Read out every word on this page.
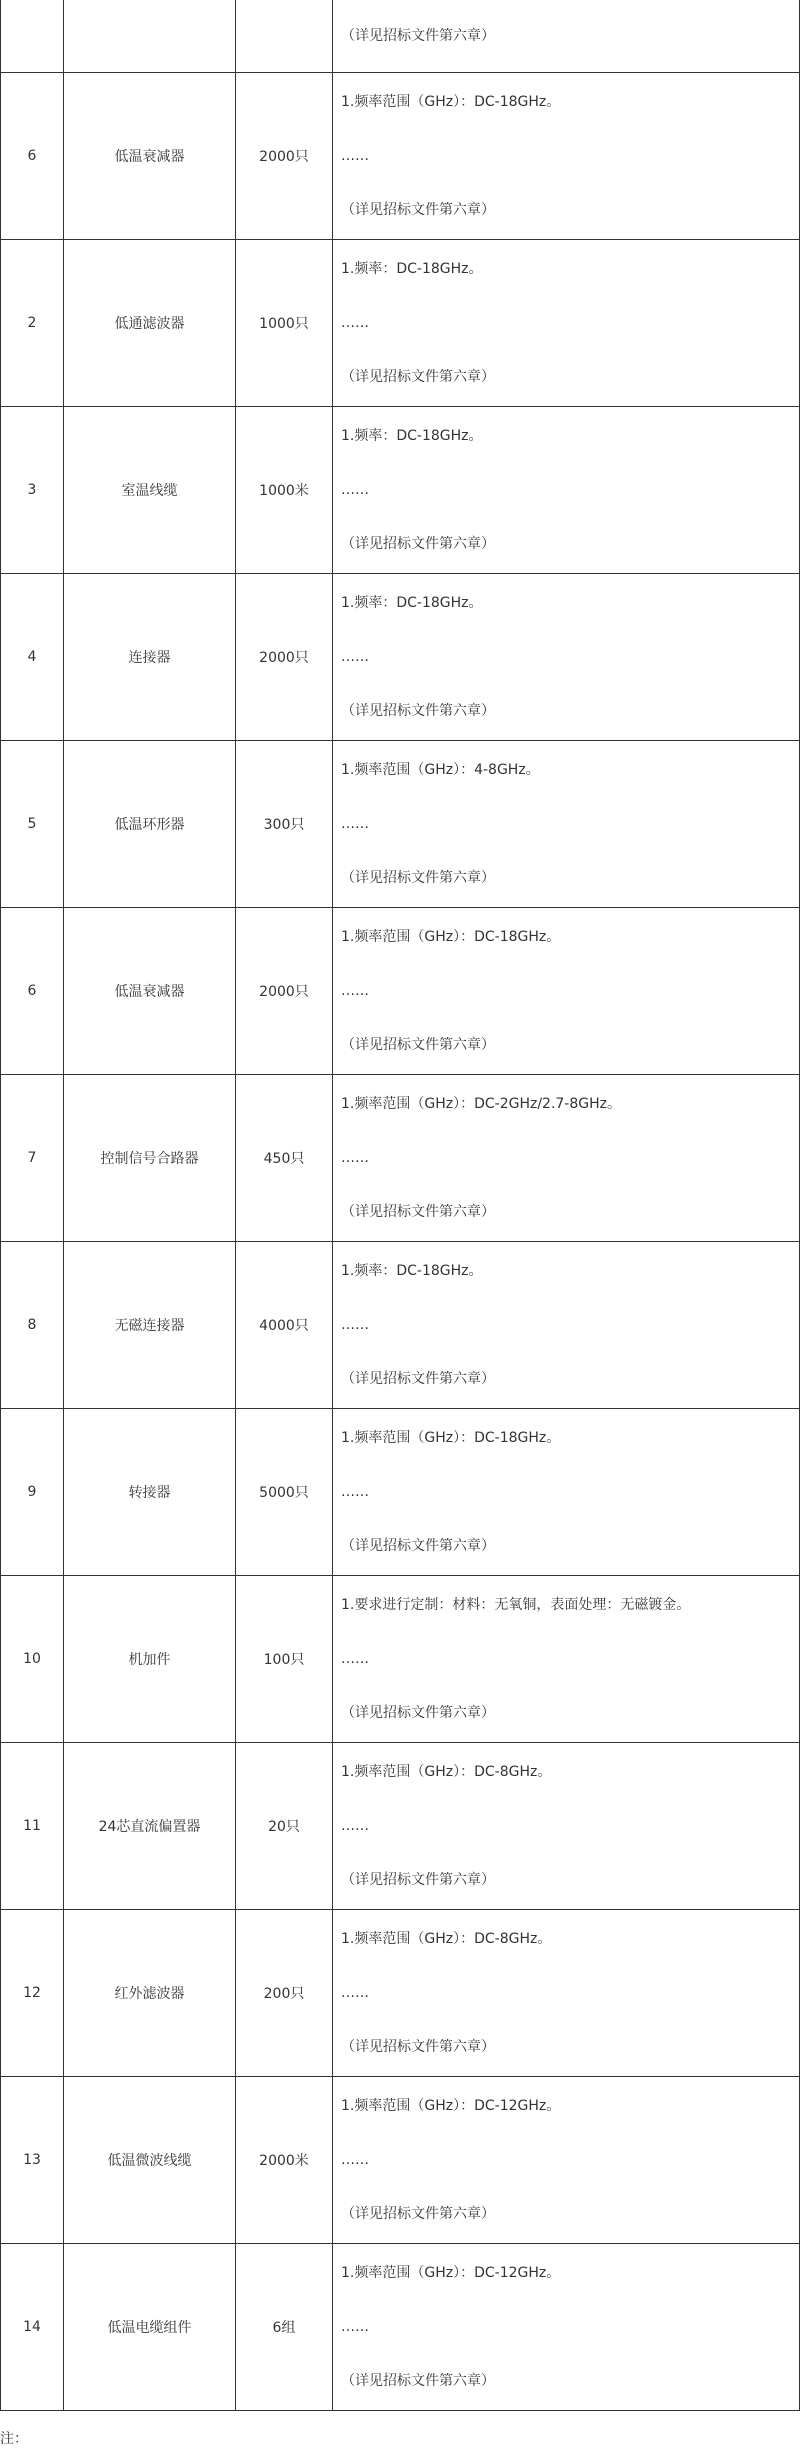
			（详见招标文件第六章）

6	低温衰减器	2000只	1.频率范围（GHz）：DC-18GHz。
……
（详见招标文件第六章）

2	低通滤波器	1000只	1.频率：DC-18GHz。
……
（详见招标文件第六章）

3	室温线缆	1000米	1.频率：DC-18GHz。
……
（详见招标文件第六章）

4	连接器	2000只	1.频率：DC-18GHz。
……
（详见招标文件第六章）

5	低温环形器	300只	1.频率范围（GHz）：4-8GHz。
……
（详见招标文件第六章）

6	低温衰减器	2000只	1.频率范围（GHz）：DC-18GHz。
……
（详见招标文件第六章）

7	控制信号合路器	450只	1.频率范围（GHz）：DC-2GHz/2.7-8GHz。
……
（详见招标文件第六章）

8	无磁连接器	4000只	1.频率：DC-18GHz。
……
（详见招标文件第六章）

9	转接器	5000只	1.频率范围（GHz）：DC-18GHz。
……
（详见招标文件第六章）

10	机加件	100只	1.要求进行定制：材料：无氧铜，表面处理：无磁镀金。
……
（详见招标文件第六章）

11	24芯直流偏置器	20只	1.频率范围（GHz）：DC-8GHz。
……
（详见招标文件第六章）

12	红外滤波器	200只	1.频率范围（GHz）：DC-8GHz。
……
（详见招标文件第六章）

13	低温微波线缆	2000米	1.频率范围（GHz）：DC-12GHz。
……
（详见招标文件第六章）

14	低温电缆组件	6组	1.频率范围（GHz）：DC-12GHz。
……
（详见招标文件第六章）
注：
